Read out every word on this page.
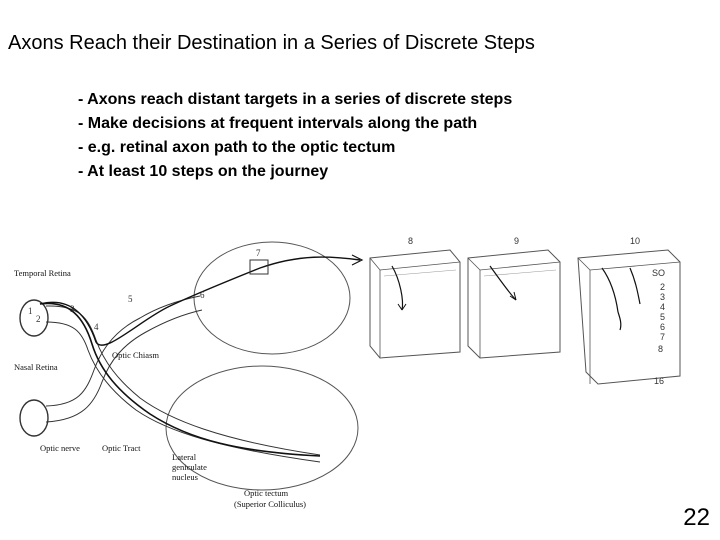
Axons Reach their Destination in a Series of Discrete Steps
- Axons reach distant targets in a series of discrete steps
- Make decisions at frequent intervals along the path
- e.g. retinal axon path to the optic tectum
- At least 10 steps on the journey
1
2
3
4
5	6
7
Temporal Retina
Nasal Retina
Optic Chiasm
Optic nerve	Optic Tract
Lateral
geniculate
nucleus
Optic tectum
(Superior Colliculus)
8	9	10
SO
2
3
4
5
6
7
8
16
22
